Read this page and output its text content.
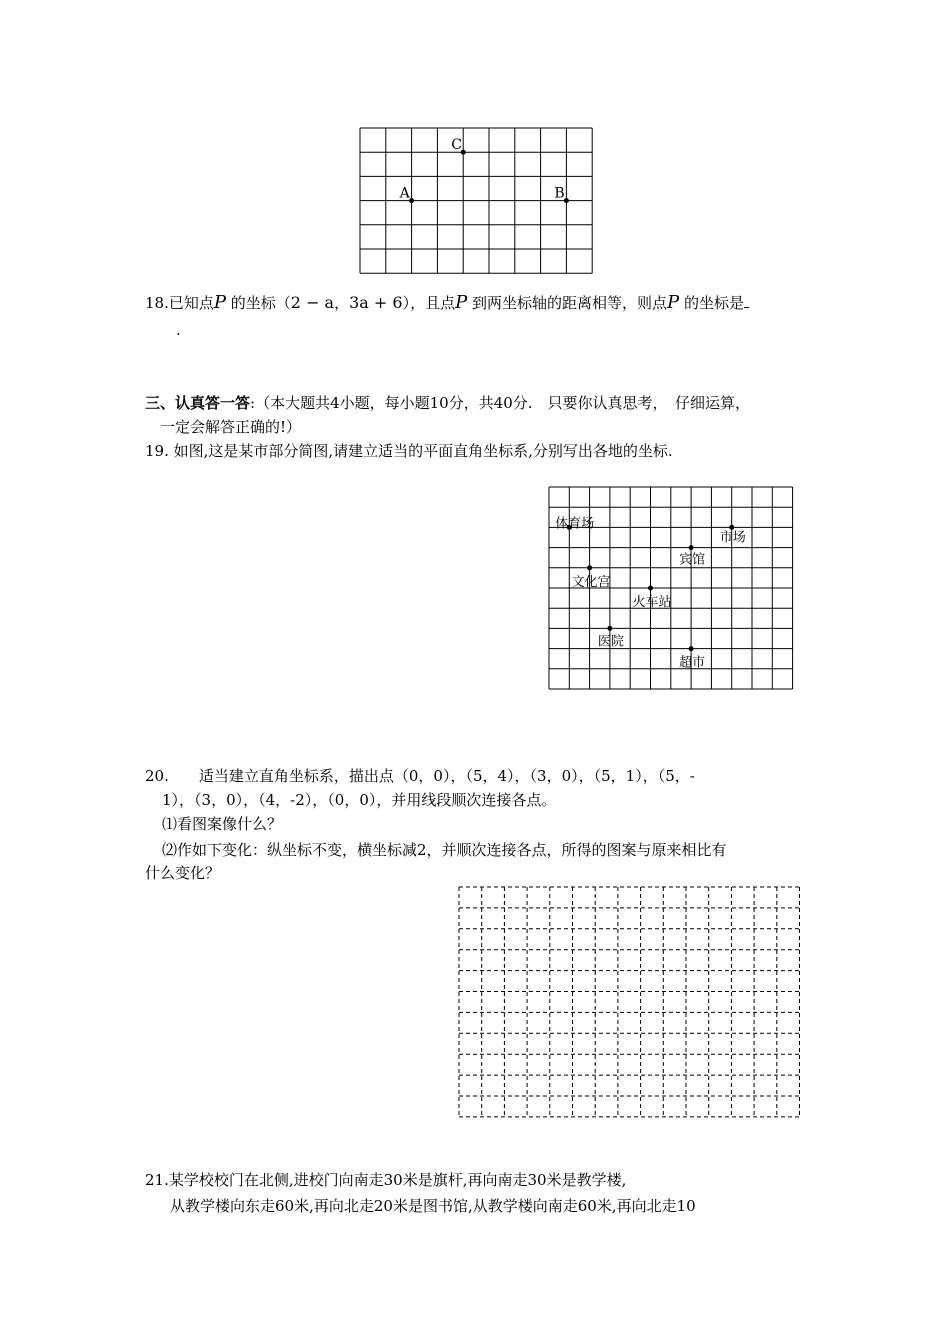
C
A	B
18.已知点P 的坐标（2 − a，3a + 6），且点P 到两坐标轴的距离相等，则点P 的坐标是
.
三、认真答一答:（本大题共4小题，每小题10分，共40分.　只要你认真思考，　仔细运算，
一定会解答正确的!）
19. 如图,这是某市部分简图,请建立适当的平面直角坐标系,分别写出各地的坐标.
体育场
市场
宾馆
文化宫
火车站
医院
超市
20.　　适当建立直角坐标系，描出点（0，0），（5，4），（3，0），（5，1），（5，-
1），（3，0），（4，-2），（0，0），并用线段顺次连接各点。
⑴看图案像什么？
⑵作如下变化：纵坐标不变，横坐标减2，并顺次连接各点，所得的图案与原来相比有
什么变化？
21.某学校校门在北侧,进校门向南走30米是旗杆,再向南走30米是教学楼,
从教学楼向东走60米,再向北走20米是图书馆,从教学楼向南走60米,再向北走10
